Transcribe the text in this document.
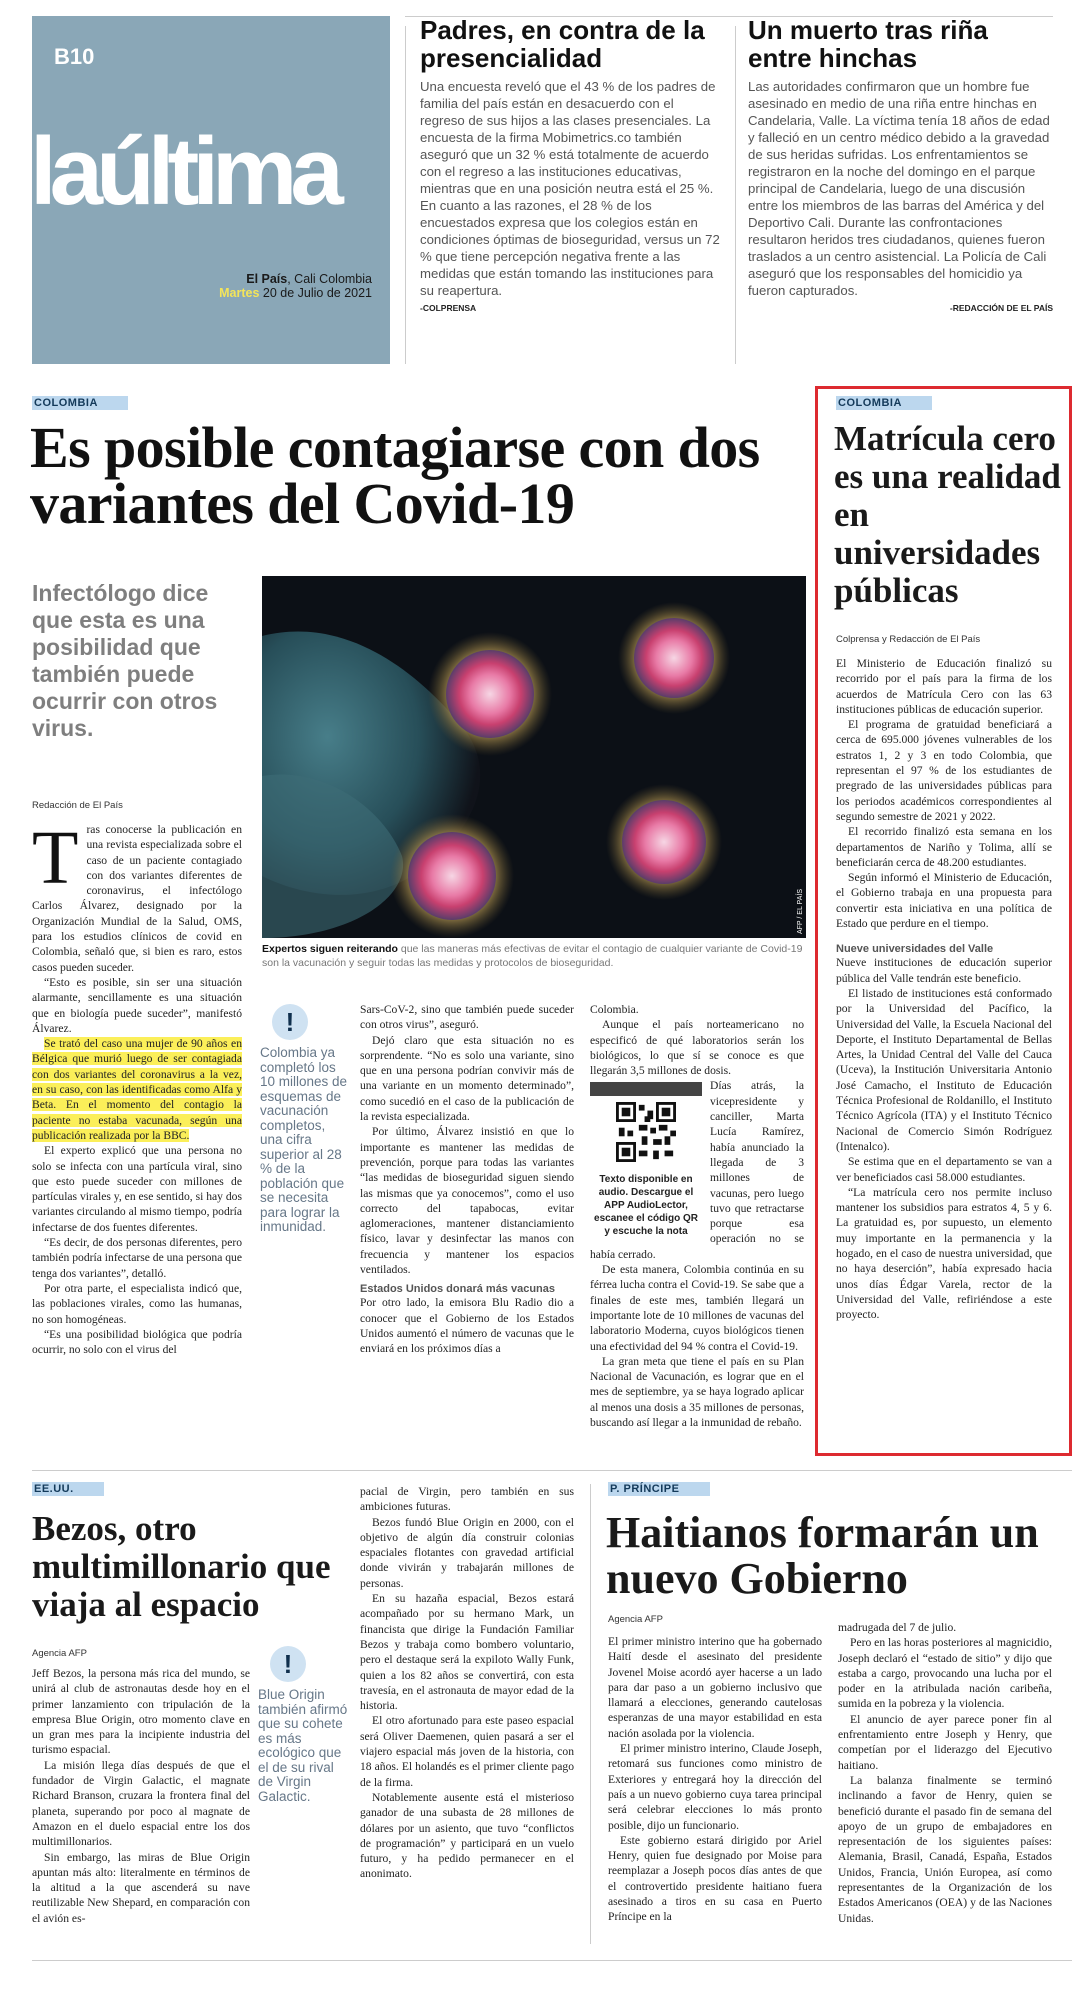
B10
laúltima
El País, Cali Colombia
Martes 20 de Julio de 2021
Padres, en contra de la presencialidad

Una encuesta reveló que el 43 % de los padres de familia del país están en desacuerdo con el regreso de sus hijos a las clases presenciales. La encuesta de la firma Mobimetrics.co también aseguró que un 32 % está totalmente de acuerdo con el regreso a las instituciones educativas, mientras que en una posición neutra está el 25 %.

En cuanto a las razones, el 28 % de los encuestados expresa que los colegios están en condiciones óptimas de bioseguridad, versus un 72 % que tiene percepción negativa frente a las medidas que están tomando las instituciones para su reapertura.

-COLPRENSA
Un muerto tras riña entre hinchas

Las autoridades confirmaron que un hombre fue asesinado en medio de una riña entre hinchas en Candelaria, Valle. La víctima tenía 18 años de edad y falleció en un centro médico debido a la gravedad de sus heridas sufridas. Los enfrentamientos se registraron en la noche del domingo en el parque principal de Candelaria, luego de una discusión entre los miembros de las barras del América y del Deportivo Cali. Durante las confrontaciones resultaron heridos tres ciudadanos, quienes fueron traslados a un centro asistencial. La Policía de Cali aseguró que los responsables del homicidio ya fueron capturados.

-REDACCIÓN DE EL PAÍS
COLOMBIA
Es posible contagiarse con dos variantes del Covid-19
Infectólogo dice que esta es una posibilidad que también puede ocurrir con otros virus.
Redacción de El País
AFP / EL PAÍS
Expertos siguen reiterando que las maneras más efectivas de evitar el contagio de cualquier variante de Covid-19 son la vacunación y seguir todas las medidas y protocolos de bioseguridad.

Tras conocerse la publicación en una revista especializada sobre el caso de un paciente contagiado con dos variantes diferentes de coronavirus, el infectólogo Carlos Álvarez, designado por la Organización Mundial de la Salud, OMS, para los estudios clínicos de covid en Colombia, señaló que, si bien es raro, estos casos pueden suceder.

“Esto es posible, sin ser una situación alarmante, sencillamente es una situación que en biología puede suceder”, manifestó Álvarez.

Se trató del caso una mujer de 90 años en Bélgica que murió luego de ser contagiada con dos variantes del coronavirus a la vez, en su caso, con las identificadas como Alfa y Beta. En el momento del contagio la paciente no estaba vacunada, según una publicación realizada por la BBC.

El experto explicó que una persona no solo se infecta con una partícula viral, sino que esto puede suceder con millones de partículas virales y, en ese sentido, si hay dos variantes circulando al mismo tiempo, podría infectarse de dos fuentes diferentes.

“Es decir, de dos personas diferentes, pero también podría infectarse de una persona que tenga dos variantes”, detalló.

Por otra parte, el especialista indicó que, las poblaciones virales, como las humanas, no son homogéneas.

“Es una posibilidad biológica que podría ocurrir, no solo con el virus del

!
Colombia ya completó los 10 millones de esquemas de vacunación completos, una cifra superior al 28 % de la población que se necesita para lograr la inmunidad.

Sars-CoV-2, sino que también puede suceder con otros virus”, aseguró.

Dejó claro que esta situación no es sorprendente. “No es solo una variante, sino que en una persona podrían convivir más de una variante en un momento determinado”, como sucedió en el caso de la publicación de la revista especializada.

Por último, Álvarez insistió en que lo importante es mantener las medidas de prevención, porque para todas las variantes “las medidas de bioseguridad siguen siendo las mismas que ya conocemos”, como el uso correcto del tapabocas, evitar aglomeraciones, mantener distanciamiento físico, lavar y desinfectar las manos con frecuencia y mantener los espacios ventilados.

Estados Unidos donará más vacunas

Por otro lado, la emisora Blu Radio dio a conocer que el Gobierno de los Estados Unidos aumentó el número de vacunas que le enviará en los próximos días a

Colombia.

Aunque el país norteamericano no especificó de qué laboratorios serán los biológicos, lo que sí se conoce es que llegarán 3,5 millones de dosis.

Texto disponible en audio. Descargue el APP AudioLector, escanee el código QR y escuche la nota

Días atrás, la vicepresidente y canciller, Marta Lucía Ramírez, había anunciado la llegada de 3 millones de vacunas, pero luego tuvo que retractarse porque esa operación no se había cerrado.

De esta manera, Colombia continúa en su férrea lucha contra el Covid-19. Se sabe que a finales de este mes, también llegará un importante lote de 10 millones de vacunas del laboratorio Moderna, cuyos biológicos tienen una efectividad del 94 % contra el Covid-19.

La gran meta que tiene el país en su Plan Nacional de Vacunación, es lograr que en el mes de septiembre, ya se haya logrado aplicar al menos una dosis a 35 millones de personas, buscando así llegar a la inmunidad de rebaño.

COLOMBIA
Matrícula cero es una realidad en universidades públicas
Colprensa y Redacción de El País

El Ministerio de Educación finalizó su recorrido por el país para la firma de los acuerdos de Matrícula Cero con las 63 instituciones públicas de educación superior.

El programa de gratuidad beneficiará a cerca de 695.000 jóvenes vulnerables de los estratos 1, 2 y 3 en todo Colombia, que representan el 97 % de los estudiantes de pregrado de las universidades públicas para los periodos académicos correspondientes al segundo semestre de 2021 y 2022.

El recorrido finalizó esta semana en los departamentos de Nariño y Tolima, allí se beneficiarán cerca de 48.200 estudiantes.

Según informó el Ministerio de Educación, el Gobierno trabaja en una propuesta para convertir esta iniciativa en una política de Estado que perdure en el tiempo.

Nueve universidades del Valle

Nueve instituciones de educación superior pública del Valle tendrán este beneficio.

El listado de instituciones está conformado por la Universidad del Pacífico, la Universidad del Valle, la Escuela Nacional del Deporte, el Instituto Departamental de Bellas Artes, la Unidad Central del Valle del Cauca (Uceva), la Institución Universitaria Antonio José Camacho, el Instituto de Educación Técnica Profesional de Roldanillo, el Instituto Técnico Agrícola (ITA) y el Instituto Técnico Nacional de Comercio Simón Rodríguez (Intenalco).

Se estima que en el departamento se van a ver beneficiados casi 58.000 estudiantes.

“La matrícula cero nos permite incluso mantener los subsidios para estratos 4, 5 y 6. La gratuidad es, por supuesto, un elemento muy importante en la permanencia y la hogado, en el caso de nuestra universidad, que no haya deserción”, había expresado hacia unos días Édgar Varela, rector de la Universidad del Valle, refiriéndose a este proyecto.

EE.UU.
Bezos, otro multimillonario que viaja al espacio
Agencia AFP

Jeff Bezos, la persona más rica del mundo, se unirá al club de astronautas desde hoy en el primer lanzamiento con tripulación de la empresa Blue Origin, otro momento clave en un gran mes para la incipiente industria del turismo espacial.

La misión llega días después de que el fundador de Virgin Galactic, el magnate Richard Branson, cruzara la frontera final del planeta, superando por poco al magnate de Amazon en el duelo espacial entre los dos multimillonarios.

Sin embargo, las miras de Blue Origin apuntan más alto: literalmente en términos de la altitud a la que ascenderá su nave reutilizable New Shepard, en comparación con el avión es-

!
Blue Origin también afirmó que su cohete es más ecológico que el de su rival de Virgin Galactic.

pacial de Virgin, pero también en sus ambiciones futuras.

Bezos fundó Blue Origin en 2000, con el objetivo de algún día construir colonias espaciales flotantes con gravedad artificial donde vivirán y trabajarán millones de personas.

En su hazaña espacial, Bezos estará acompañado por su hermano Mark, un financista que dirige la Fundación Familiar Bezos y trabaja como bombero voluntario, pero el destaque será la expiloto Wally Funk, quien a los 82 años se convertirá, con esta travesía, en el astronauta de mayor edad de la historia.

El otro afortunado para este paseo espacial será Oliver Daemenen, quien pasará a ser el viajero espacial más joven de la historia, con 18 años. El holandés es el primer cliente pago de la firma.

Notablemente ausente está el misterioso ganador de una subasta de 28 millones de dólares por un asiento, que tuvo “conflictos de programación” y participará en un vuelo futuro, y ha pedido permanecer en el anonimato.

P. PRÍNCIPE
Haitianos formarán un nuevo Gobierno
Agencia AFP

El primer ministro interino que ha gobernado Haití desde el asesinato del presidente Jovenel Moise acordó ayer hacerse a un lado para dar paso a un gobierno inclusivo que llamará a elecciones, generando cautelosas esperanzas de una mayor estabilidad en esta nación asolada por la violencia.

El primer ministro interino, Claude Joseph, retomará sus funciones como ministro de Exteriores y entregará hoy la dirección del país a un nuevo gobierno cuya tarea principal será celebrar elecciones lo más pronto posible, dijo un funcionario.

Este gobierno estará dirigido por Ariel Henry, quien fue designado por Moise para reemplazar a Joseph pocos días antes de que el controvertido presidente haitiano fuera asesinado a tiros en su casa en Puerto Príncipe en la

madrugada del 7 de julio.

Pero en las horas posteriores al magnicidio, Joseph declaró el “estado de sitio” y dijo que estaba a cargo, provocando una lucha por el poder en la atribulada nación caribeña, sumida en la pobreza y la violencia.

El anuncio de ayer parece poner fin al enfrentamiento entre Joseph y Henry, que competían por el liderazgo del Ejecutivo haitiano.

La balanza finalmente se terminó inclinando a favor de Henry, quien se benefició durante el pasado fin de semana del apoyo de un grupo de embajadores en representación de los siguientes países: Alemania, Brasil, Canadá, España, Estados Unidos, Francia, Unión Europea, así como representantes de la Organización de los Estados Americanos (OEA) y de las Naciones Unidas.
